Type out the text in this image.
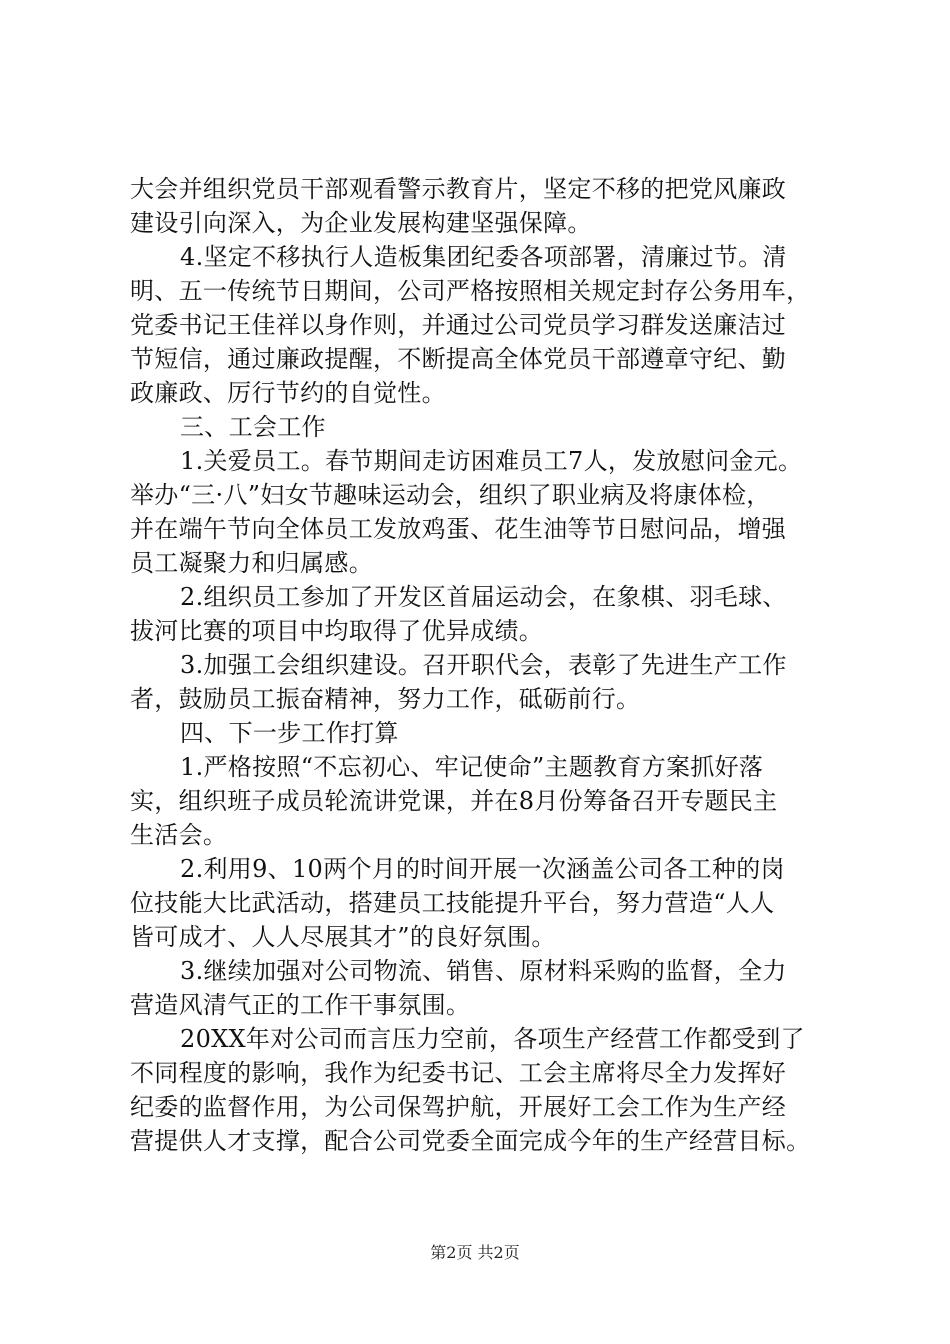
大会并组织党员干部观看警示教育片，坚定不移的把党风廉政
建设引向深入，为企业发展构建坚强保障。
4.坚定不移执行人造板集团纪委各项部署，清廉过节。清
明、五一传统节日期间，公司严格按照相关规定封存公务用车，
党委书记王佳祥以身作则，并通过公司党员学习群发送廉洁过
节短信，通过廉政提醒，不断提高全体党员干部遵章守纪、勤
政廉政、厉行节约的自觉性。
三、工会工作
1.关爱员工。春节期间走访困难员工7人，发放慰问金元。
举办“三·八”妇女节趣味运动会，组织了职业病及将康体检，
并在端午节向全体员工发放鸡蛋、花生油等节日慰问品，增强
员工凝聚力和归属感。
2.组织员工参加了开发区首届运动会，在象棋、羽毛球、
拔河比赛的项目中均取得了优异成绩。
3.加强工会组织建设。召开职代会，表彰了先进生产工作
者，鼓励员工振奋精神，努力工作，砥砺前行。
四、下一步工作打算
1.严格按照“不忘初心、牢记使命”主题教育方案抓好落
实，组织班子成员轮流讲党课，并在8月份筹备召开专题民主
生活会。
2.利用9、10两个月的时间开展一次涵盖公司各工种的岗
位技能大比武活动，搭建员工技能提升平台，努力营造“人人
皆可成才、人人尽展其才”的良好氛围。
3.继续加强对公司物流、销售、原材料采购的监督，全力
营造风清气正的工作干事氛围。
20XX年对公司而言压力空前，各项生产经营工作都受到了
不同程度的影响，我作为纪委书记、工会主席将尽全力发挥好
纪委的监督作用，为公司保驾护航，开展好工会工作为生产经
营提供人才支撑，配合公司党委全面完成今年的生产经营目标。
第2页 共2页
